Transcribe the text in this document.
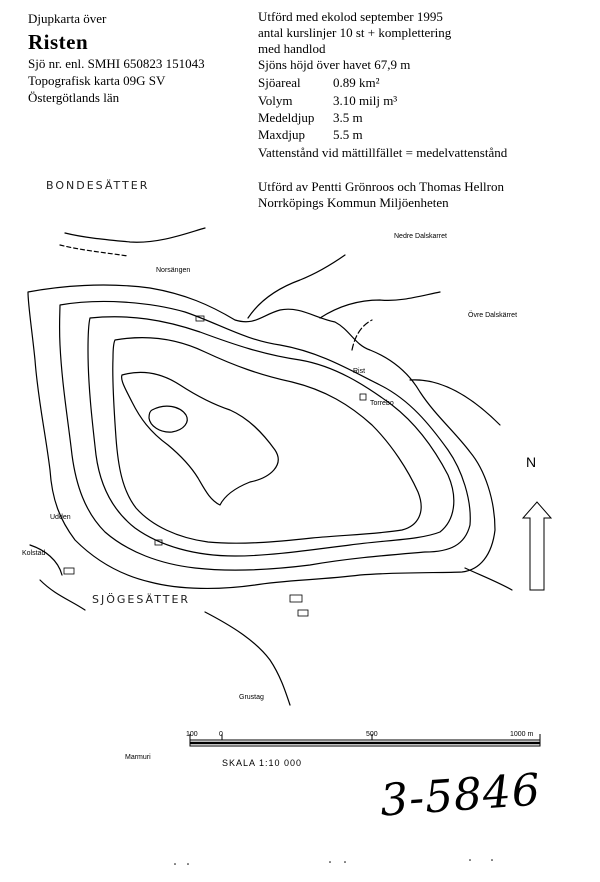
Djupkarta över
Risten
Sjö nr. enl. SMHI 650823 151043
Topografisk karta 09G SV
Östergötlands län
Utförd med ekolod september 1995
antal kurslinjer 10 st + komplettering
med handlod
Sjöns höjd över havet 67,9 m
Sjöareal 0.89 km²
Volym	3.10 milj m³
Medeldjup 3.5 m
Maxdjup 5.5 m
Vattenstånd vid mättillfället = medelvattenstånd
Utförd av Pentti Grönroos och Thomas Hellron
Norrköpings Kommun Miljöenheten
BONDESÄTTER
SJÖGESÄTTER
Nedre Dalskarret
Övre Dalskärret
Norsängen
Rist
Torrebo
Udden
Kolstad
Grustag
Marmuri
N
100	0	500	1000 m
SKALA 1:10 000
3-5846
